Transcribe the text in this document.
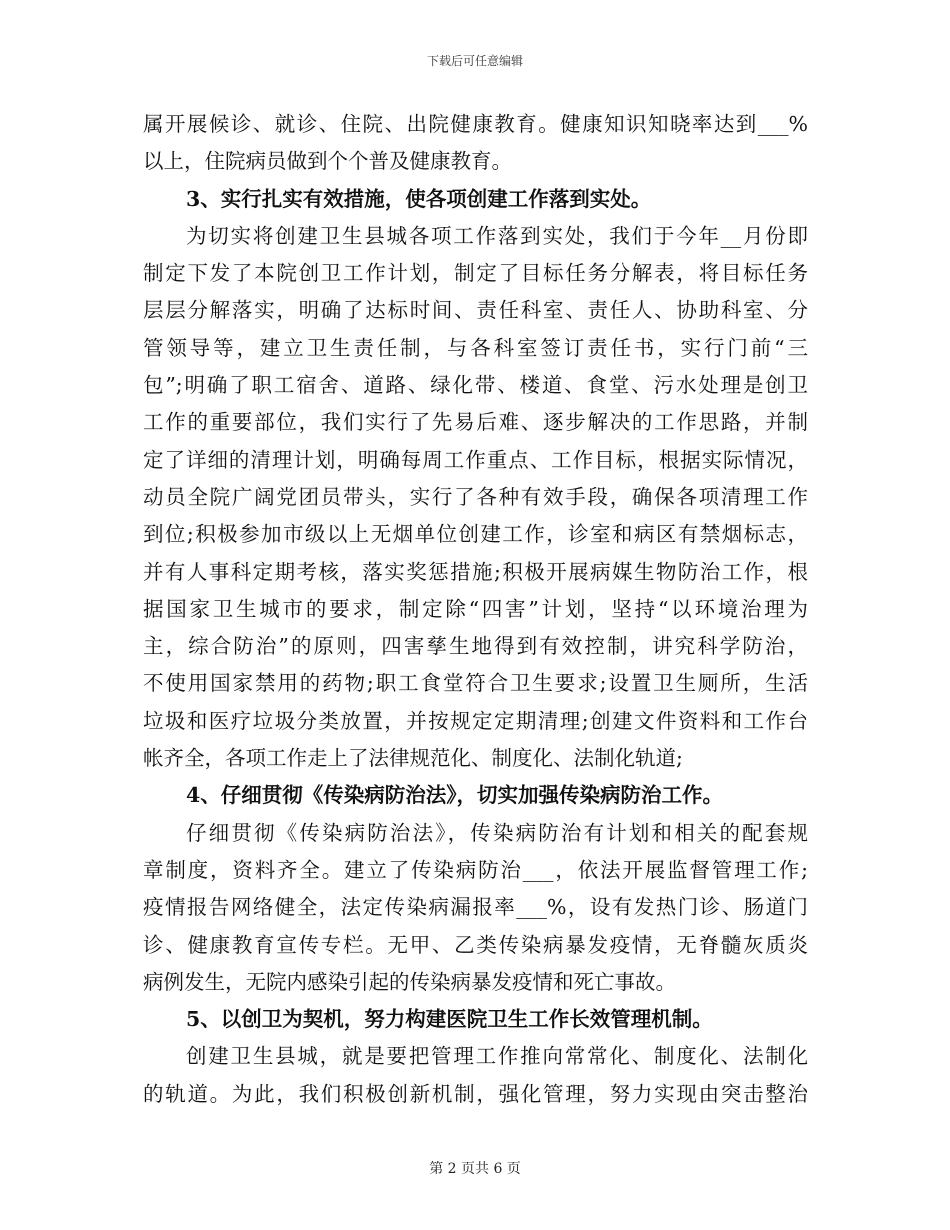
下载后可任意编辑
属开展候诊、就诊、住院、出院健康教育。健康知识知晓率达到___%
以上，住院病员做到个个普及健康教育。
3、实行扎实有效措施，使各项创建工作落到实处。
为切实将创建卫生县城各项工作落到实处，我们于今年__月份即
制定下发了本院创卫工作计划，制定了目标任务分解表，将目标任务
层层分解落实，明确了达标时间、责任科室、责任人、协助科室、分
管领导等，建立卫生责任制，与各科室签订责任书，实行门前“三
包”;明确了职工宿舍、道路、绿化带、楼道、食堂、污水处理是创卫
工作的重要部位，我们实行了先易后难、逐步解决的工作思路，并制
定了详细的清理计划，明确每周工作重点、工作目标，根据实际情况，
动员全院广阔党团员带头，实行了各种有效手段，确保各项清理工作
到位;积极参加市级以上无烟单位创建工作，诊室和病区有禁烟标志，
并有人事科定期考核，落实奖惩措施;积极开展病媒生物防治工作，根
据国家卫生城市的要求，制定除“四害”计划，坚持“以环境治理为
主，综合防治”的原则，四害孳生地得到有效控制，讲究科学防治，
不使用国家禁用的药物;职工食堂符合卫生要求;设置卫生厕所，生活
垃圾和医疗垃圾分类放置，并按规定定期清理;创建文件资料和工作台
帐齐全，各项工作走上了法律规范化、制度化、法制化轨道;
4、仔细贯彻《传染病防治法》，切实加强传染病防治工作。
仔细贯彻《传染病防治法》，传染病防治有计划和相关的配套规
章制度，资料齐全。建立了传染病防治___，依法开展监督管理工作;
疫情报告网络健全，法定传染病漏报率___%，设有发热门诊、肠道门
诊、健康教育宣传专栏。无甲、乙类传染病暴发疫情，无脊髓灰质炎
病例发生，无院内感染引起的传染病暴发疫情和死亡事故。
5、以创卫为契机，努力构建医院卫生工作长效管理机制。
创建卫生县城，就是要把管理工作推向常常化、制度化、法制化
的轨道。为此，我们积极创新机制，强化管理，努力实现由突击整治
第 2 页共 6 页
